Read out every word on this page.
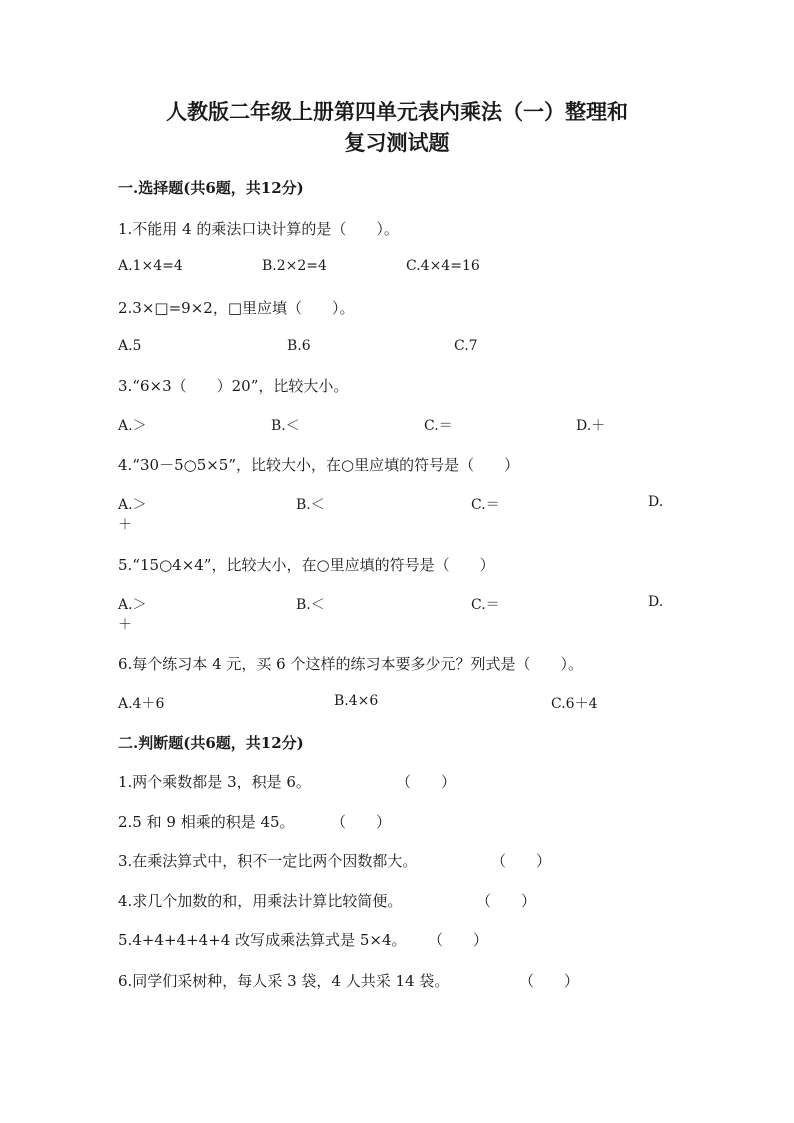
人教版二年级上册第四单元表内乘法（一）整理和
复习测试题
一.选择题(共6题，共12分)
1.不能用 4 的乘法口诀计算的是（　　）。
A.1×4=4	B.2×2=4	C.4×4=16
2.3×□=9×2，□里应填（　　）。
A.5	B.6	C.7
3.“6×3（　　）20”，比较大小。
A.＞	B.＜	C.＝	D.＋
4.“30－5○5×5”，比较大小，在○里应填的符号是（　　）
A.＞	B.＜	C.＝	D.
＋
5.“15○4×4”，比较大小，在○里应填的符号是（　　）
A.＞	B.＜	C.＝	D.
＋
6.每个练习本 4 元，买 6 个这样的练习本要多少元？列式是（　　）。
A.4＋6	B.4×6	C.6＋4
二.判断题(共6题，共12分)
1.两个乘数都是 3，积是 6。	（　　）
2.5 和 9 相乘的积是 45。 （　　）
3.在乘法算式中，积不一定比两个因数都大。	（　　）
4.求几个加数的和，用乘法计算比较简便。	（　　）
5.4+4+4+4+4 改写成乘法算式是 5×4。 （　　）
6.同学们采树种，每人采 3 袋，4 人共采 14 袋。	（　　）
